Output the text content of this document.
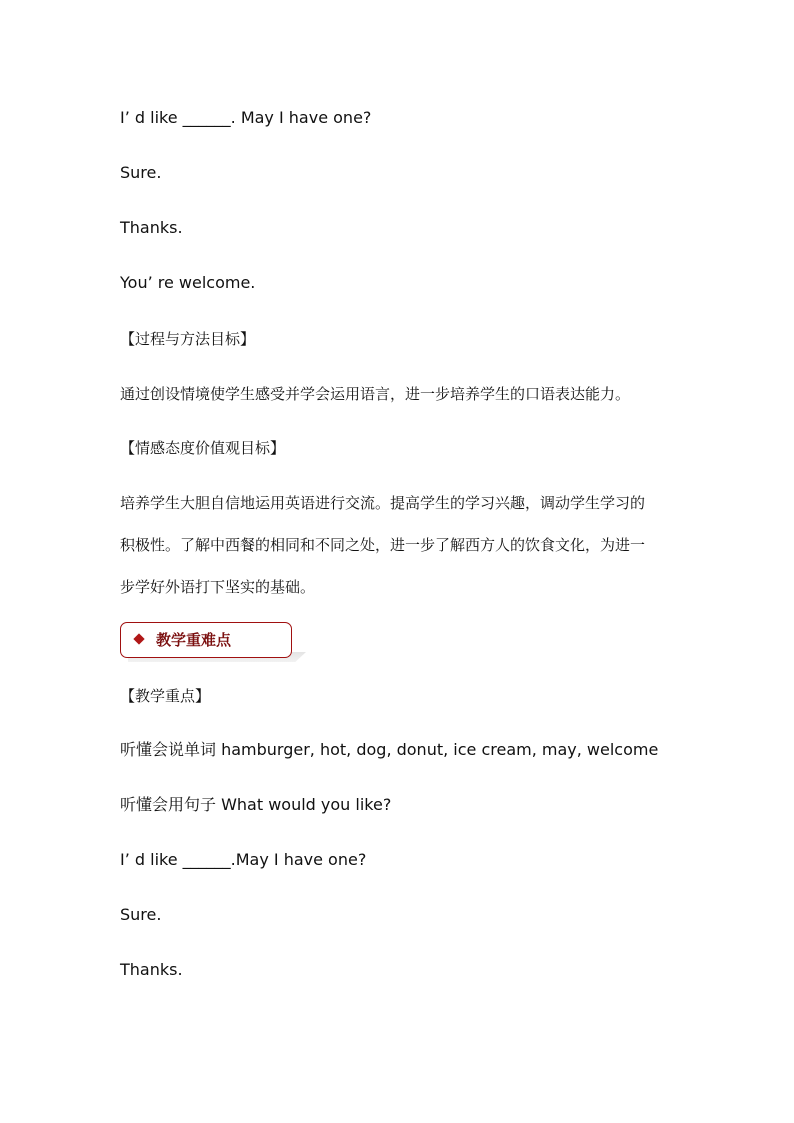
I’ d like ______. May I have one?
Sure.
Thanks.
You’ re welcome.
【过程与方法目标】
通过创设情境使学生感受并学会运用语言，进一步培养学生的口语表达能力。
【情感态度价值观目标】
培养学生大胆自信地运用英语进行交流。提高学生的学习兴趣，调动学生学习的
积极性。了解中西餐的相同和不同之处，进一步了解西方人的饮食文化，为进一
步学好外语打下坚实的基础。
教学重难点
【教学重点】
听懂会说单词 hamburger, hot, dog, donut, ice cream, may, welcome
听懂会用句子 What would you like?
I’ d like ______.May I have one?
Sure.
Thanks.
